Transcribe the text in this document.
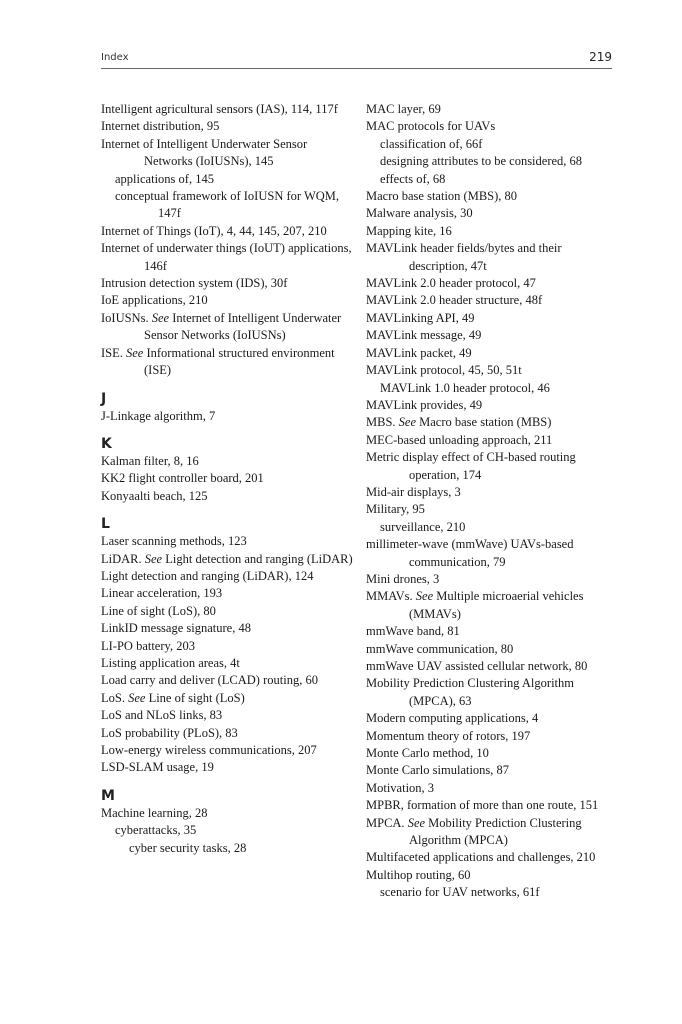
Index	219

Intelligent agricultural sensors (IAS), 114, 117f

Internet distribution, 95

Internet of Intelligent Underwater Sensor Networks (IoIUSNs), 145

applications of, 145

conceptual framework of IoIUSN for WQM, 147f

Internet of Things (IoT), 4, 44, 145, 207, 210

Internet of underwater things (IoUT) applications, 146f

Intrusion detection system (IDS), 30f

IoE applications, 210

IoIUSNs. See Internet of Intelligent Underwater Sensor Networks (IoIUSNs)

ISE. See Informational structured environment (ISE)

J

J-Linkage algorithm, 7

K

Kalman filter, 8, 16

KK2 flight controller board, 201

Konyaalti beach, 125

L

Laser scanning methods, 123

LiDAR. See Light detection and ranging (LiDAR)

Light detection and ranging (LiDAR), 124

Linear acceleration, 193

Line of sight (LoS), 80

LinkID message signature, 48

LI-PO battery, 203

Listing application areas, 4t

Load carry and deliver (LCAD) routing, 60

LoS. See Line of sight (LoS)

LoS and NLoS links, 83

LoS probability (PLoS), 83

Low-energy wireless communications, 207

LSD-SLAM usage, 19

M

Machine learning, 28

cyberattacks, 35

cyber security tasks, 28

MAC layer, 69

MAC protocols for UAVs

classification of, 66f

designing attributes to be considered, 68

effects of, 68

Macro base station (MBS), 80

Malware analysis, 30

Mapping kite, 16

MAVLink header fields/bytes and their description, 47t

MAVLink 2.0 header protocol, 47

MAVLink 2.0 header structure, 48f

MAVLinking API, 49

MAVLink message, 49

MAVLink packet, 49

MAVLink protocol, 45, 50, 51t

MAVLink 1.0 header protocol, 46

MAVLink provides, 49

MBS. See Macro base station (MBS)

MEC-based unloading approach, 211

Metric display effect of CH-based routing operation, 174

Mid-air displays, 3

Military, 95

surveillance, 210

millimeter-wave (mmWave) UAVs-based communication, 79

Mini drones, 3

MMAVs. See Multiple microaerial vehicles (MMAVs)

mmWave band, 81

mmWave communication, 80

mmWave UAV assisted cellular network, 80

Mobility Prediction Clustering Algorithm (MPCA), 63

Modern computing applications, 4

Momentum theory of rotors, 197

Monte Carlo method, 10

Monte Carlo simulations, 87

Motivation, 3

MPBR, formation of more than one route, 151

MPCA. See Mobility Prediction Clustering Algorithm (MPCA)

Multifaceted applications and challenges, 210

Multihop routing, 60

scenario for UAV networks, 61f
